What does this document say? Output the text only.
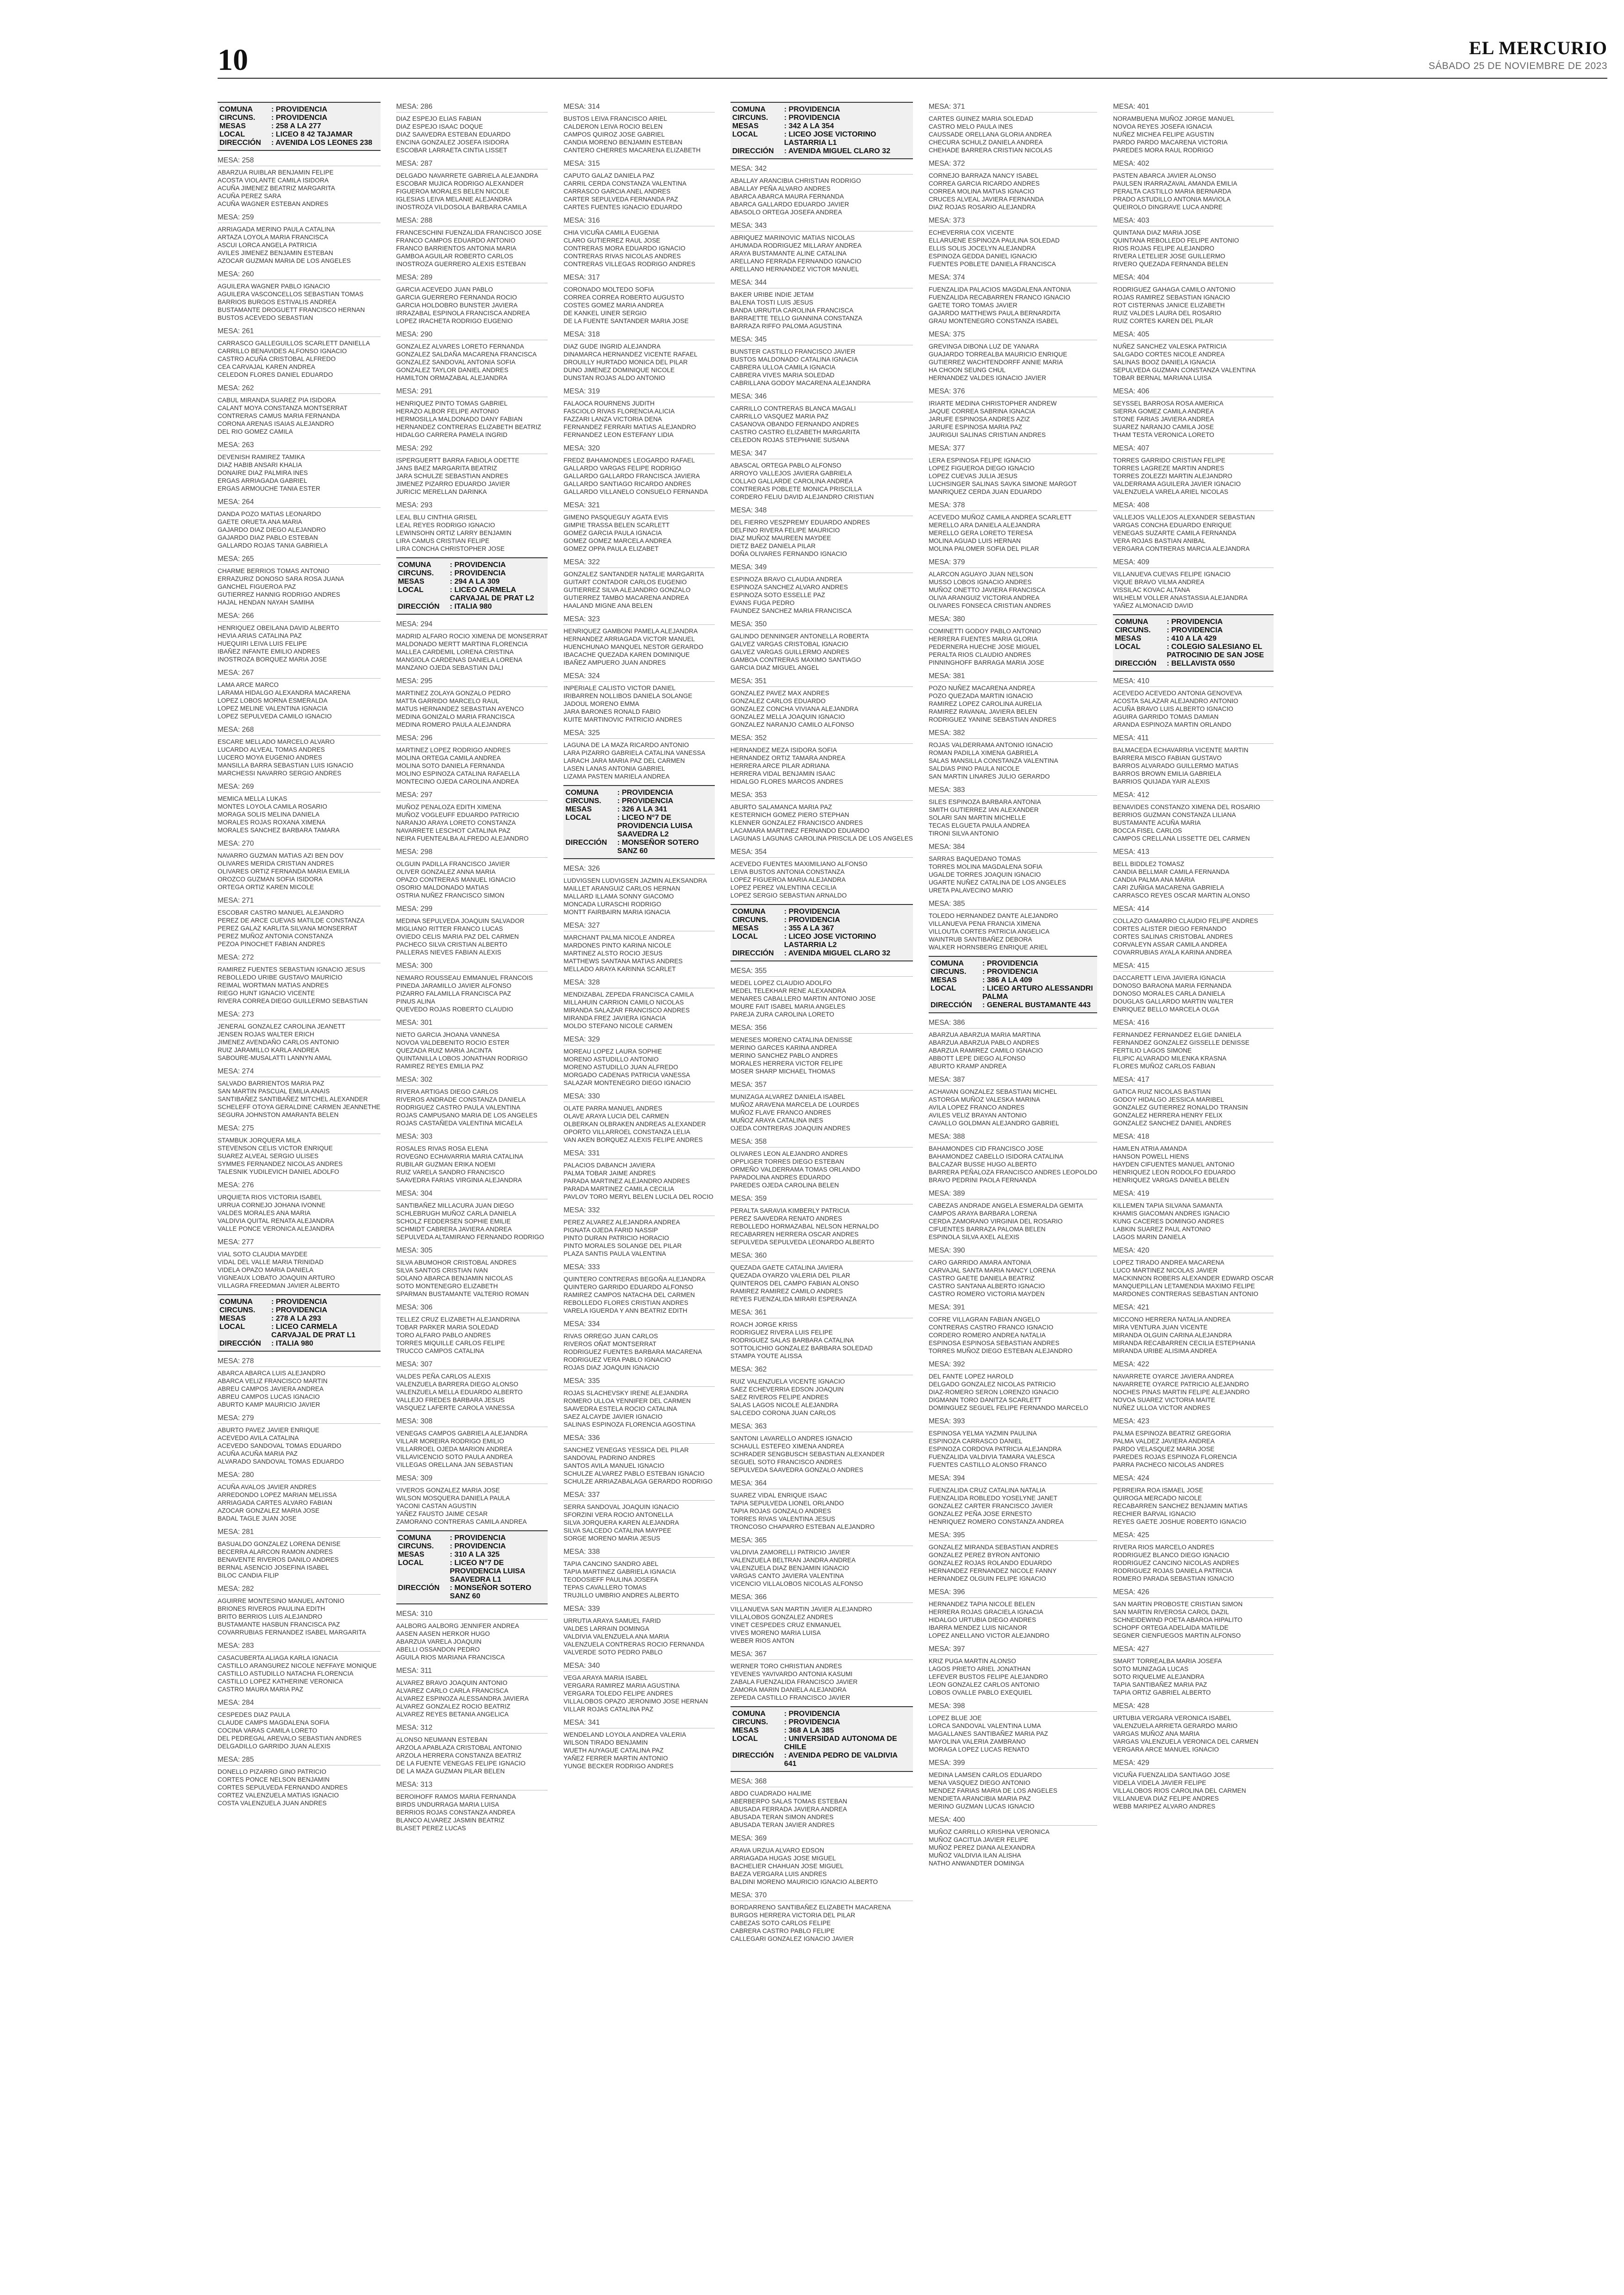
10	EL MERCURIO
SÁBADO 25 DE NOVIEMBRE DE 2023
COMUNA	: PROVIDENCIA
CIRCUNS.	: PROVIDENCIA
MESAS	: 258 A LA 277
LOCAL	: LICEO 8 42 TAJAMAR
DIRECCIÓN	: AVENIDA LOS LEONES 238
MESA: 258
ABARZUA RUIBLAR BENJAMIN FELIPE
ACOSTA VIOLANTE CAMILA ISIDORA
ACUÑA JIMENEZ BEATRIZ MARGARITA
ACUÑA PEREZ SARA
ACUÑA WAGNER ESTEBAN ANDRES
MESA: 259
ARRIAGADA MERINO PAULA CATALINA
ARTAZA LOYOLA MARIA FRANCISCA
ASCUI LORCA ANGELA PATRICIA
AVILES JIMENEZ BENJAMIN ESTEBAN
AZOCAR GUZMAN MARIA DE LOS ANGELES
MESA: 260
AGUILERA WAGNER PABLO IGNACIO
AGUILERA VASCONCELLOS SEBASTIAN TOMAS
BARRIOS BURGOS ESTIVALIS ANDREA
BUSTAMANTE DROGUETT FRANCISCO HERNAN
BUSTOS ACEVEDO SEBASTIAN
MESA: 261
CARRASCO GALLEGUILLOS SCARLETT DANIELLA
CARRILLO BENAVIDES ALFONSO IGNACIO
CASTRO ACUÑA CRISTOBAL ALFREDO
CEA CARVAJAL KAREN ANDREA
CELEDON FLORES DANIEL EDUARDO
MESA: 262
CABUL MIRANDA SUAREZ PIA ISIDORA
CALANT MOYA CONSTANZA MONTSERRAT
CONTRERAS CAMUS MARIA FERNANDA
CORONA ARENAS ISAIAS ALEJANDRO
DEL RIO GOMEZ CAMILA
MESA: 263
DEVENISH RAMIREZ TAMIKA
DIAZ HABIB ANSARI KHALIA
DONAIRE DIAZ PALMIRA INES
ERGAS ARRIAGADA GABRIEL
ERGAS ARMOUCHE TANIA ESTER
MESA: 264
DANDA POZO MATIAS LEONARDO
GAETE ORUETA ANA MARIA
GAJARDO DIAZ DIEGO ALEJANDRO
GAJARDO DIAZ PABLO ESTEBAN
GALLARDO ROJAS TANIA GABRIELA
MESA: 265
CHARME BERRIOS TOMAS ANTONIO
ERRAZURIZ DONOSO SARA ROSA JUANA
GANCHEL FIGUEROA PAZ
GUTIERREZ HANNIG RODRIGO ANDRES
HAJAL HENDAN NAYAH SAMIHA
MESA: 266
HENRIQUEZ OBEILANA DAVID ALBERTO
HEVIA ARIAS CATALINA PAZ
HUEQUIRI LEIVA LUIS FELIPE
IBAÑEZ INFANTE EMILIO ANDRES
INOSTROZA BORQUEZ MARIA JOSE
MESA: 267
LAMA ARCE MARCO
LARAMA HIDALGO ALEXANDRA MACARENA
LOPEZ LOBOS MORNA ESMERALDA
LOPEZ MELINE VALENTINA IGNACIA
LOPEZ SEPULVEDA CAMILO IGNACIO
MESA: 268
ESCARE MELLADO MARCELO ALVARO
LUCARDO ALVEAL TOMAS ANDRES
LUCERO MOYA EUGENIO ANDRES
MANSILLA BARRA SEBASTIAN LUIS IGNACIO
MARCHESSI NAVARRO SERGIO ANDRES
MESA: 269
MEMICA MELLA LUKAS
MONTES LOYOLA CAMILA ROSARIO
MORAGA SOLIS MELINA DANIELA
MORALES ROJAS ROXANA XIMENA
MORALES SANCHEZ BARBARA TAMARA
MESA: 270
NAVARRO GUZMAN MATIAS AZI BEN DOV
OLIVARES MERIDA CRISTIAN ANDRES
OLIVARES ORTIZ FERNANDA MARIA EMILIA
OROZCO GUZMAN SOFIA ISIDORA
ORTEGA ORTIZ KAREN MICOLE
MESA: 271
ESCOBAR CASTRO MANUEL ALEJANDRO
PEREZ DE ARCE CUEVAS MATILDE CONSTANZA
PEREZ GALAZ KARLITA SILVANA MONSERRAT
PEREZ MUÑOZ ANTONIA CONSTANZA
PEZOA PINOCHET FABIAN ANDRES
MESA: 272
RAMIREZ FUENTES SEBASTIAN IGNACIO JESUS
REBOLLEDO URIBE GUSTAVO MAURICIO
REIMAL WORTMAN MATIAS ANDRES
RIEGO HUNT IGNACIO VICENTE
RIVERA CORREA DIEGO GUILLERMO SEBASTIAN
MESA: 273
JENERAL GONZALEZ CAROLINA JEANETT
JENSEN ROJAS WALTER ERICH
JIMENEZ AVENDAÑO CARLOS ANTONIO
RUIZ JARAMILLO KARLA ANDREA
SABOURE-MUSALATTI LANNYN AMAL
MESA: 274
SALVADO BARRIENTOS MARIA PAZ
SAN MARTIN PASCUAL EMILIA ANAIS
SANTIBAÑEZ SANTIBAÑEZ MITCHEL ALEXANDER
SCHELEFF OTOYA GERALDINE CARMEN JEANNETHE
SEGURA JOHNSTON AMARANTA BELEN
MESA: 275
STAMBUK JORQUERA MILA
STEVENSON CELIS VICTOR ENRIQUE
SUAREZ ALVEAL SERGIO ULISES
SYMMES FERNANDEZ NICOLAS ANDRES
TALESNIK YUDILEVICH DANIEL ADOLFO
MESA: 276
URQUIETA RIOS VICTORIA ISABEL
URRUA CORNEJO JOHANA IVONNE
VALDES MORALES ANA MARIA
VALDIVIA QUITAL RENATA ALEJANDRA
VALLE PONCE VERONICA ALEJANDRA
MESA: 277
VIAL SOTO CLAUDIA MAYDEE
VIDAL DEL VALLE MARIA TRINIDAD
VIDELA OPAZO MARIA DANIELA
VIGNEAUX LOBATO JOAQUIN ARTURO
VILLAGRA FREEDMAN JAVIER ALBERTO
COMUNA	: PROVIDENCIA
CIRCUNS.	: PROVIDENCIA
MESAS	: 278 A LA 293
LOCAL	: LICEO CARMELA CARVAJAL DE PRAT L1
DIRECCIÓN	: ITALIA 980
MESA: 278
ABARCA ABARCA LUIS ALEJANDRO
ABARCA VELIZ FRANCISCO MARTIN
ABREU CAMPOS JAVIERA ANDREA
ABREU CAMPOS LUCAS IGNACIO
ABURTO KAMP MAURICIO JAVIER
MESA: 279
ABURTO PAVEZ JAVIER ENRIQUE
ACEVEDO AVILA CATALINA
ACEVEDO SANDOVAL TOMAS EDUARDO
ACUÑA ACUÑA MARIA PAZ
ALVARADO SANDOVAL TOMAS EDUARDO
MESA: 280
ACUÑA AVALOS JAVIER ANDRES
ARREDONDO LOPEZ MARIAN MELISSA
ARRIAGADA CARTES ALVARO FABIAN
AZOCAR GONZALEZ MARIA JOSE
BADAL TAGLE JUAN JOSE
MESA: 281
BASUALDO GONZALEZ LORENA DENISE
BECERRA ALARCON RAMON ANDRES
BENAVENTE RIVEROS DANILO ANDRES
BERNAL ASENCIO JOSEFINA ISABEL
BILOC CANDIA FILIP
MESA: 282
AGUIRRE MONTESINO MANUEL ANTONIO
BRIONES RIVEROS PAULINA EDITH
BRITO BERRIOS LUIS ALEJANDRO
BUSTAMANTE HASBUN FRANCISCA PAZ
COVARRUBIAS FERNANDEZ ISABEL MARGARITA
MESA: 283
CASACUBERTA ALIAGA KARLA IGNACIA
CASTILLO ARANGUREZ NICOLE NEFFAYE MONIQUE
CASTILLO ASTUDILLO NATACHA FLORENCIA
CASTILLO LOPEZ KATHERINE VERONICA
CASTRO MAURA MARIA PAZ
MESA: 284
CESPEDES DIAZ PAULA
CLAUDE CAMPS MAGDALENA SOFIA
COCINA VARAS CAMILA LORETO
DEL PEDREGAL AREVALO SEBASTIAN ANDRES
DELGADILLO GARRIDO JUAN ALEXIS
MESA: 285
DONELLO PIZARRO GINO PATRICIO
CORTES PONCE NELSON BENJAMIN
CORTES SEPULVEDA FERNANDO ANDRES
CORTEZ VALENZUELA MATIAS IGNACIO
COSTA VALENZUELA JUAN ANDRES
MESA: 286
DIAZ ESPEJO ELIAS FABIAN
DIAZ ESPEJO ISAAC DOQUE
DIAZ SAAVEDRA ESTEBAN EDUARDO
ENCINA GONZALEZ JOSEFA ISIDORA
ESCOBAR LARRAETA CINTIA LISSET
MESA: 287
DELGADO NAVARRETE GABRIELA ALEJANDRA
ESCOBAR MUJICA RODRIGO ALEXANDER
FIGUEROA MORALES BELEN NICOLE
IGLESIAS LEIVA MELANIE ALEJANDRA
INOSTROZA VILDOSOLA BARBARA CAMILA
MESA: 288
FRANCESCHINI FUENZALIDA FRANCISCO JOSE
FRANCO CAMPOS EDUARDO ANTONIO
FRANCO BARRIENTOS ANTONIA MARIA
GAMBOA AGUILAR ROBERTO CARLOS
INOSTROZA GUERRERO ALEXIS ESTEBAN
MESA: 289
GARCIA ACEVEDO JUAN PABLO
GARCIA GUERRERO FERNANDA ROCIO
GARCIA HOLDOBRO BUNSTER JAVIERA
IRRAZABAL ESPINOLA FRANCISCA ANDREA
LOPEZ IRACHETA RODRIGO EUGENIO
MESA: 290
GONZALEZ ALVARES LORETO FERNANDA
GONZALEZ SALDAÑA MACARENA FRANCISCA
GONZALEZ SANDOVAL ANTONIA SOFIA
GONZALEZ TAYLOR DANIEL ANDRES
HAMILTON ORMAZABAL ALEJANDRA
MESA: 291
HENRIQUEZ PINTO TOMAS GABRIEL
HERAZO ALBOR FELIPE ANTONIO
HERMOSILLA MALDONADO DANY FABIAN
HERNANDEZ CONTRERAS ELIZABETH BEATRIZ
HIDALGO CARRERA PAMELA INGRID
MESA: 292
ISPERGUERTT BARRA FABIOLA ODETTE
JANS BAEZ MARGARITA BEATRIZ
JARA SCHULZE SEBASTIAN ANDRES
JIMENEZ PIZARRO EDUARDO JAVIER
JURICIC MERELLAN DARINKA
MESA: 293
LEAL BLU CINTHIA GRISEL
LEAL REYES RODRIGO IGNACIO
LEWINSOHN ORTIZ LARRY BENJAMIN
LIRA CAMUS CRISTIAN FELIPE
LIRA CONCHA CHRISTOPHER JOSE
COMUNA	: PROVIDENCIA
CIRCUNS.	: PROVIDENCIA
MESAS	: 294 A LA 309
LOCAL	: LICEO CARMELA CARVAJAL DE PRAT L2
DIRECCIÓN	: ITALIA 980
MESA: 294
MADRID ALFARO ROCIO XIMENA DE MONSERRAT
MALDONADO MERTT MARTINA FLORENCIA
MALLEA CARDEMIL LORENA CRISTINA
MANGIOLA CARDENAS DANIELA LORENA
MANZANO OJEDA SEBASTIAN DALI
MESA: 295
MARTINEZ ZOLAYA GONZALO PEDRO
MATTA GARRIDO MARCELO RAUL
MATUS HERNANDEZ SEBASTIAN AYENCO
MEDINA GONIZALO MARIA FRANCISCA
MEDINA ROMERO PAULA ALEJANDRA
MESA: 296
MARTINEZ LOPEZ RODRIGO ANDRES
MOLINA ORTEGA CAMILA ANDREA
MOLINA SOTO DANIELA FERNANDA
MOLINO ESPINOZA CATALINA RAFAELLA
MONTECINO OJEDA CAROLINA ANDREA
MESA: 297
MUÑOZ PENALOZA EDITH XIMENA
MUÑOZ VOGLEUFF EDUARDO PATRICIO
NARANJO ARAYA LORETO CONSTANZA
NAVARRETE LESCHOT CATALINA PAZ
NEIRA FUENTEALBA ALFREDO ALEJANDRO
MESA: 298
OLGUIN PADILLA FRANCISCO JAVIER
OLIVER GONZALEZ ANNA MARIA
OPAZO CONTRERAS MANUEL IGNACIO
OSORIO MALDONADO MATIAS
OSTRIA NUÑEZ FRANCISCO SIMON
MESA: 299
MEDINA SEPULVEDA JOAQUIN SALVADOR
MIGLIANO RITTER FRANCO LUCAS
OVIEDO CELIS MARIA PAZ DEL CARMEN
PACHECO SILVA CRISTIAN ALBERTO
PALLERAS NIEVES FABIAN ALEXIS
MESA: 300
NEMARO ROUSSEAU EMMANUEL FRANCOIS
PINEDA JARAMILLO JAVIER ALFONSO
PIZARRO FALAMILLA FRANCISCA PAZ
PINUS ALINA
QUEVEDO ROJAS ROBERTO CLAUDIO
MESA: 301
NIETO GARCIA JHOANA VANNESA
NOVOA VALDEBENITO ROCIO ESTER
QUEZADA RUIZ MARIA JACINTA
QUINTANILLA LOBOS JONATHAN RODRIGO
RAMIREZ REYES EMILIA PAZ
MESA: 302
RIVERA ARTIGAS DIEGO CARLOS
RIVEROS ANDRADE CONSTANZA DANIELA
RODRIGUEZ CASTRO PAULA VALENTINA
ROJAS CAMPUSANO MARIA DE LOS ANGELES
ROJAS CASTAÑEDA VALENTINA MICAELA
MESA: 303
ROSALES RIVAS ROSA ELENA
ROVEGNO ECHAVARRIA MARIA CATALINA
RUBILAR GUZMAN ERIKA NOEMI
RUIZ VARELA SANDRO FRANCISCO
SAAVEDRA FARIAS VIRGINIA ALEJANDRA
MESA: 304
SANTIBAÑEZ MILLACURA JUAN DIEGO
SCHLEBRUGH MUÑOZ CARLA DANIELA
SCHOLZ FEDDERSEN SOPHIE EMILIE
SCHMIDT CABRERA JAVIERA ANDREA
SEPULVEDA ALTAMIRANO FERNANDO RODRIGO
MESA: 305
SILVA ABUMOHOR CRISTOBAL ANDRES
SILVA SANTOS CRISTIAN IVAN
SOLANO ABARCA BENJAMIN NICOLAS
SOTO MONTENEGRO ELIZABETH
SPARMAN BUSTAMANTE VALTERIO ROMAN
MESA: 306
TELLEZ CRUZ ELIZABETH ALEJANDRINA
TOBAR PARKER MARIA SOLEDAD
TORO ALFARO PABLO ANDRES
TORRES MIQUILLE CARLOS FELIPE
TRUCCO CAMPOS CATALINA
MESA: 307
VALDES PEÑA CARLOS ALEXIS
VALENZUELA BARRERA DIEGO ALONSO
VALENZUELA MELLA EDUARDO ALBERTO
VALLEJO FREDES BARBARA JESUS
VASQUEZ LAFERTE CAROLA VANESSA
MESA: 308
VENEGAS CAMPOS GABRIELA ALEJANDRA
VILLAR MOREIRA RODRIGO EMILIO
VILLARROEL OJEDA MARION ANDREA
VILLAVICENCIO SOTO PAULA ANDREA
VILLEGAS ORELLANA JAN SEBASTIAN
MESA: 309
VIVEROS GONZALEZ MARIA JOSE
WILSON MOSQUERA DANIELA PAULA
YACONI CASTAN AGUSTIN
YAÑEZ FAUSTO JAIME CESAR
ZAMORANO CONTRERAS CAMILA ANDREA
COMUNA	: PROVIDENCIA
CIRCUNS.	: PROVIDENCIA
MESAS	: 310 A LA 325
LOCAL	: LICEO N°7 DE PROVIDENCIA LUISA SAAVEDRA L1
DIRECCIÓN	: MONSEÑOR SOTERO SANZ 60
MESA: 310
AALBORG AALBORG JENNIFER ANDREA
AASEN AASEN HERKOR HUGO
ABARZUA VARELA JOAQUIN
ABELLI OSSANDON PEDRO
AGUILA RIOS MARIANA FRANCISCA
MESA: 311
ALVAREZ BRAVO JOAQUIN ANTONIO
ALVAREZ CARLO CARLA FRANCISCA
ALVAREZ ESPINOZA ALESSANDRA JAVIERA
ALVAREZ GONZALEZ ROCIO BEATRIZ
ALVAREZ REYES BETANIA ANGELICA
MESA: 312
ALONSO NEUMANN ESTEBAN
ARZOLA APABLAZA CRISTOBAL ANTONIO
ARZOLA HERRERA CONSTANZA BEATRIZ
DE LA FUENTE VENEGAS FELIPE IGNACIO
DE LA MAZA GUZMAN PILAR BELEN
MESA: 313
BEROIHOFF RAMOS MARIA FERNANDA
BIRDS UNDURRAGA MARIA LUISA
BERRIOS ROJAS CONSTANZA ANDREA
BLANCO ALVAREZ JASMIN BEATRIZ
BLASET PEREZ LUCAS
MESA: 314
BUSTOS LEIVA FRANCISCO ARIEL
CALDERON LEIVA ROCIO BELEN
CAMPOS QUIROZ JOSE GABRIEL
CANDIA MORENO BENJAMIN ESTEBAN
CANTERO CHERRES MACARENA ELIZABETH
MESA: 315
CAPUTO GALAZ DANIELA PAZ
CARRIL CERDA CONSTANZA VALENTINA
CARRASCO GARCIA ANEL ANDRES
CARTER SEPULVEDA FERNANDA PAZ
CARTES FUENTES IGNACIO EDUARDO
MESA: 316
CHIA VICUÑA CAMILA EUGENIA
CLARO GUTIERREZ RAUL JOSE
CONTRERAS MORA EDUARDO IGNACIO
CONTRERAS RIVAS NICOLAS ANDRES
CONTRERAS VILLEGAS RODRIGO ANDRES
MESA: 317
CORONADO MOLTEDO SOFIA
CORREA CORREA ROBERTO AUGUSTO
COSTES GOMEZ MARIA ANDREA
DE KANKEL UINER SERGIO
DE LA FUENTE SANTANDER MARIA JOSE
MESA: 318
DIAZ GUDE INGRID ALEJANDRA
DINAMARCA HERNANDEZ VICENTE RAFAEL
DROUILLY HURTADO MONICA DEL PILAR
DUNO JIMENEZ DOMINIQUE NICOLE
DUNSTAN ROJAS ALDO ANTONIO
MESA: 319
FALAOCA ROURNENS JUDITH
FASCIOLO RIVAS FLORENCIA ALICIA
FAZZARI LANZA VICTORIA DENA
FERNANDEZ FERRARI MATIAS ALEJANDRO
FERNANDEZ LEON ESTEFANY LIDIA
MESA: 320
FREDZ BAHAMONDES LEOGARDO RAFAEL
GALLARDO VARGAS FELIPE RODRIGO
GALLARDO GALLARDO FRANCISCA JAVIERA
GALLARDO SANTIAGO RICARDO ANDRES
GALLARDO VILLANELO CONSUELO FERNANDA
MESA: 321
GIMENO PASQUEGUY AGATA EVIS
GIMPIE TRASSA BELEN SCARLETT
GOMEZ GARCIA PAULA IGNACIA
GOMEZ GOMEZ MARCELA ANDREA
GOMEZ OPPA PAULA ELIZABET
MESA: 322
GONZALEZ SANTANDER NATALIE MARGARITA
GUITART CONTADOR CARLOS EUGENIO
GUTIERREZ SILVA ALEJANDRO GONZALO
GUTIERREZ TAMBO MACARENA ANDREA
HAALAND MIGNE ANA BELEN
MESA: 323
HENRIQUEZ GAMBONI PAMELA ALEJANDRA
HERNANDEZ ARRIAGADA VICTOR MANUEL
HUENCHUNAO MANQUEL NESTOR GERARDO
IBACACHE QUEZADA KAREN DOMINIQUE
IBAÑEZ AMPUERO JUAN ANDRES
MESA: 324
INPERIALE CALISTO VICTOR DANIEL
IRIBARREN NOLLIBOS DANIELA SOLANGE
JADOUL MORENO EMMA
JARA BARONES RONALD FABIO
KUITE MARTINOVIC PATRICIO ANDRES
MESA: 325
LAGUNA DE LA MAZA RICARDO ANTONIO
LARA PIZARRO GABRIELA CATALINA VANESSA
LARACH JARA MARIA PAZ DEL CARMEN
LASEN LANAS ANTONIA GABRIEL
LIZAMA PASTEN MARIELA ANDREA
COMUNA	: PROVIDENCIA
CIRCUNS.	: PROVIDENCIA
MESAS	: 326 A LA 341
LOCAL	: LICEO N°7 DE PROVIDENCIA LUISA SAAVEDRA L2
DIRECCIÓN	: MONSEÑOR SOTERO SANZ 60
MESA: 326
LUDVIGSEN LUDVIGSEN JAZMIN ALEKSANDRA
MAILLET ARANGUIZ CARLOS HERNAN
MALLARD ILLAMA SONNY GIACOMO
MONCADA LURASCHI RODRIGO
MONTT FAIRBAIRN MARIA IGNACIA
MESA: 327
MARCHANT PALMA NICOLE ANDREA
MARDONES PINTO KARINA NICOLE
MARTINEZ ALSTO ROCIO JESUS
MATTHEWS SANTANA MATIAS ANDRES
MELLADO ARAYA KARINNA SCARLET
MESA: 328
MENDIZABAL ZEPEDA FRANCISCA CAMILA
MILLAHUIN CARRION CAMILO NICOLAS
MIRANDA SALAZAR FRANCISCO ANDRES
MIRANDA FREZ JAVIERA IGNACIA
MOLDO STEFANO NICOLE CARMEN
MESA: 329
MOREAU LOPEZ LAURA SOPHIE
MORENO ASTUDILLO ANTONIO
MORENO ASTUDILLO JUAN ALFREDO
MORGADO CADENAS PATRICIA VANESSA
SALAZAR MONTENEGRO DIEGO IGNACIO
MESA: 330
OLATE PARRA MANUEL ANDRES
OLAVE ARAYA LUCIA DEL CARMEN
OLBERKAN OLBRAKEN ANDREAS ALEXANDER
OPORTO VILLARROEL CONSTANZA LELIA
VAN AKEN BORQUEZ ALEXIS FELIPE ANDRES
MESA: 331
PALACIOS DABANCH JAVIERA
PALMA TOBAR JAIME ANDRES
PARADA MARTINEZ ALEJANDRO ANDRES
PARADA MARTINEZ CAMILA CECILIA
PAVLOV TORO MERYL BELEN LUCILA DEL ROCIO
MESA: 332
PEREZ ALVAREZ ALEJANDRA ANDREA
PIGNATA OJEDA FARID NASSIP
PINTO DURAN PATRICIO HORACIO
PINTO MORALES SOLANGE DEL PILAR
PLAZA SANTIS PAULA VALENTINA
MESA: 333
QUINTERO CONTRERAS BEGOÑA ALEJANDRA
QUINTERO GARRIDO EDUARDO ALFONSO
RAMIREZ CAMPOS NATACHA DEL CARMEN
REBOLLEDO FLORES CRISTIAN ANDRES
VARELA IGUERDA Y ANN BEATRIZ EDITH
MESA: 334
RIVAS ORREGO JUAN CARLOS
RIVEROS OÑAT MONTSERRAT
RODRIGUEZ FUENTES BARBARA MACARENA
RODRIGUEZ VERA PABLO IGNACIO
ROJAS DIAZ JOAQUIN IGNACIO
MESA: 335
ROJAS SLACHEVSKY IRENE ALEJANDRA
ROMERO ULLOA YENNIFER DEL CARMEN
SAAVEDRA ESTELA ROCIO CATALINA
SAEZ ALCAYDE JAVIER IGNACIO
SALINAS ESPINOZA FLORENCIA AGOSTINA
MESA: 336
SANCHEZ VENEGAS YESSICA DEL PILAR
SANDOVAL PADRINO ANDRES
SANTOS AVILA MANUEL IGNACIO
SCHULZE ALVAREZ PABLO ESTEBAN IGNACIO
SCHULZE ARRIAZABALAGA GERARDO RODRIGO
MESA: 337
SERRA SANDOVAL JOAQUIN IGNACIO
SFORZINI VERA ROCIO ANTONELLA
SILVA JORQUERA KAREN ALEJANDRA
SILVA SALCEDO CATALINA MAYPEE
SORGE MORENO MARIA JESUS
MESA: 338
TAPIA CANCINO SANDRO ABEL
TAPIA MARTINEZ GABRIELA IGNACIA
TEODOSIEFF PAULINA JOSEFA
TEPAS CAVALLERO TOMAS
TRUJILLO UMBRIO ANDRES ALBERTO
MESA: 339
URRUTIA ARAYA SAMUEL FARID
VALDES LARRAIN DOMINGA
VALDIVIA VALENZUELA ANA MARIA
VALENZUELA CONTRERAS ROCIO FERNANDA
VALVERDE SOTO PEDRO PABLO
MESA: 340
VEGA ARAYA MARIA ISABEL
VERGARA RAMIREZ MARIA AGUSTINA
VERGARA TOLEDO FELIPE ANDRES
VILLALOBOS OPAZO JERONIMO JOSE HERNAN
VILLAR ROJAS CATALINA PAZ
MESA: 341
WENDELAND LOYOLA ANDREA VALERIA
WILSON TIRADO BENJAMIN
WUETH AUYAGUE CATALINA PAZ
YAÑEZ FERRER MARTIN ANTONIO
YUNGE BECKER RODRIGO ANDRES
COMUNA	: PROVIDENCIA
CIRCUNS.	: PROVIDENCIA
MESAS	: 342 A LA 354
LOCAL	: LICEO JOSE VICTORINO LASTARRIA L1
DIRECCIÓN	: AVENIDA MIGUEL CLARO 32
MESA: 342
ABALLAY ARANCIBIA CHRISTIAN RODRIGO
ABALLAY PEÑA ALVARO ANDRES
ABARCA ABARCA MAURA FERNANDA
ABARCA GALLARDO EDUARDO JAVIER
ABASOLO ORTEGA JOSEFA ANDREA
MESA: 343
ABRIQUEZ MARINOVIC MATIAS NICOLAS
AHUMADA RODRIGUEZ MILLARAY ANDREA
ARAYA BUSTAMANTE ALINE CATALINA
ARELLANO FERRADA FERNANDO IGNACIO
ARELLANO HERNANDEZ VICTOR MANUEL
MESA: 344
BAKER URIBE INDIE JETAM
BALENA TOSTI LUIS JESUS
BANDA URRUTIA CAROLINA FRANCISCA
BARRAETTE TELLO GIANNINA CONSTANZA
BARRAZA RIFFO PALOMA AGUSTINA
MESA: 345
BUNSTER CASTILLO FRANCISCO JAVIER
BUSTOS MALDONADO CATALINA IGNACIA
CABRERA ULLOA CAMILA IGNACIA
CABRERA VIVES MARIA SOLEDAD
CABRILLANA GODOY MACARENA ALEJANDRA
MESA: 346
CARRILLO CONTRERAS BLANCA MAGALI
CARRILLO VASQUEZ MARIA PAZ
CASANOVA OBANDO FERNANDO ANDRES
CASTRO CASTRO ELIZABETH MARGARITA
CELEDON ROJAS STEPHANIE SUSANA
MESA: 347
ABASCAL ORTEGA PABLO ALFONSO
ARROYO VALLEJOS JAVIERA GABRIELA
COLLAO GALLARDE CAROLINA ANDREA
CONTRERAS POBLETE MONICA PRISCILLA
CORDERO FELIU DAVID ALEJANDRO CRISTIAN
MESA: 348
DEL FIERRO VESZPREMY EDUARDO ANDRES
DELFINO RIVERA FELIPE MAURICIO
DIAZ MUÑOZ MAUREEN MAYDEE
DIETZ BAEZ DANIELA PILAR
DOÑA OLIVARES FERNANDO IGNACIO
MESA: 349
ESPINOZA BRAVO CLAUDIA ANDREA
ESPINOZA SANCHEZ ALVARO ANDRES
ESPINOZA SOTO ESSELLE PAZ
EVANS FUGA PEDRO
FAUNDEZ SANCHEZ MARIA FRANCISCA
MESA: 350
GALINDO DENNINGER ANTONELLA ROBERTA
GALVEZ VARGAS CRISTOBAL IGNACIO
GALVEZ VARGAS GUILLERMO ANDRES
GAMBOA CONTRERAS MAXIMO SANTIAGO
GARCIA DIAZ MIGUEL ANGEL
MESA: 351
GONZALEZ PAVEZ MAX ANDRES
GONZALEZ CARLOS EDUARDO
GONZALEZ CONCHA VIVIANA ALEJANDRA
GONZALEZ MELLA JOAQUIN IGNACIO
GONZALEZ NARANJO CAMILO ALFONSO
MESA: 352
HERNANDEZ MEZA ISIDORA SOFIA
HERNANDEZ ORTIZ TAMARA ANDREA
HERRERA ARCE PILAR ADRIANA
HERRERA VIDAL BENJAMIN ISAAC
HIDALGO FLORES MARCOS ANDRES
MESA: 353
ABURTO SALAMANCA MARIA PAZ
KESTERNICH GOMEZ PIERO STEPHAN
KLENNER GONZALEZ FRANCISCO ANDRES
LACAMARA MARTINEZ FERNANDO EDUARDO
LAGUNAS LAGUNAS CAROLINA PRISCILA DE LOS ANGELES
MESA: 354
ACEVEDO FUENTES MAXIMILIANO ALFONSO
LEIVA BUSTOS ANTONIA CONSTANZA
LOPEZ FIGUEROA MARIA ALEJANDRA
LOPEZ PEREZ VALENTINA CECILIA
LOPEZ SERGIO SEBASTIAN ARNALDO
COMUNA	: PROVIDENCIA
CIRCUNS.	: PROVIDENCIA
MESAS	: 355 A LA 367
LOCAL	: LICEO JOSE VICTORINO LASTARRIA L2
DIRECCIÓN	: AVENIDA MIGUEL CLARO 32
MESA: 355
MEDEL LOPEZ CLAUDIO ADOLFO
MEDEL TELEKHAR RENE ALEXANDRA
MENARES CABALLERO MARTIN ANTONIO JOSE
MOURE FAIT ISABEL MARIA ANGELES
PAREJA ZURA CAROLINA LORETO
MESA: 356
MENESES MORENO CATALINA DENISSE
MERINO GARCES KARINA ANDREA
MERINO SANCHEZ PABLO ANDRES
MORALES HERRERA VICTOR FELIPE
MOSER SHARP MICHAEL THOMAS
MESA: 357
MUNIZAGA ALVAREZ DANIELA ISABEL
MUÑOZ ARAVENA MARCELA DE LOURDES
MUÑOZ FLAVE FRANCO ANDRES
MUÑOZ ARAYA CATALINA INES
OJEDA CONTRERAS JOAQUIN ANDRES
MESA: 358
OLIVARES LEON ALEJANDRO ANDRES
OPPLIGER TORRES DIEGO ESTEBAN
ORMEÑO VALDERRAMA TOMAS ORLANDO
PAPADOLINA ANDRES EDUARDO
PAREDES OJEDA CAROLINA BELEN
MESA: 359
PERALTA SARAVIA KIMBERLY PATRICIA
PEREZ SAAVEDRA RENATO ANDRES
REBOLLEDO HORMAZABAL NELSON HERNALDO
RECABARREN HERRERA OSCAR ANDRES
SEPULVEDA SEPULVEDA LEONARDO ALBERTO
MESA: 360
QUEZADA GAETE CATALINA JAVIERA
QUEZADA OYARZO VALERIA DEL PILAR
QUINTEROS DEL CAMPO FABIAN ALONSO
RAMIREZ RAMIREZ CAMILO ANDRES
REYES FUENZALIDA MIRARI ESPERANZA
MESA: 361
ROACH JORGE KRISS
RODRIGUEZ RIVERA LUIS FELIPE
RODRIGUEZ SALAS BARBARA CATALINA
SOTTOLICHIO GONZALEZ BARBARA SOLEDAD
STAMPA YOUTE ALISSA
MESA: 362
RUIZ VALENZUELA VICENTE IGNACIO
SAEZ ECHEVERRIA EDSON JOAQUIN
SAEZ RIVEROS FELIPE ANDRES
SALAS LAGOS NICOLE ALEJANDRA
SALCEDO CORONA JUAN CARLOS
MESA: 363
SANTONI LAVARELLO ANDRES IGNACIO
SCHAULL ESTEFEO XIMENA ANDREA
SCHRADER SENGBUSCH SEBASTIAN ALEXANDER
SEGUEL SOTO FRANCISCO ANDRES
SEPULVEDA SAAVEDRA GONZALO ANDRES
MESA: 364
SUAREZ VIDAL ENRIQUE ISAAC
TAPIA SEPULVEDA LIONEL ORLANDO
TAPIA ROJAS GONZALO ANDRES
TORRES RIVAS VALENTINA JESUS
TRONCOSO CHAPARRO ESTEBAN ALEJANDRO
MESA: 365
VALDIVIA ZAMORELLI PATRICIO JAVIER
VALENZUELA BELTRAN JANDRA ANDREA
VALENZUELA DIAZ BENJAMIN IGNACIO
VARGAS CANTO JAVIERA VALENTINA
VICENCIO VILLALOBOS NICOLAS ALFONSO
MESA: 366
VILLANUEVA SAN MARTIN JAVIER ALEJANDRO
VILLALOBOS GONZALEZ ANDRES
VINET CESPEDES CRUZ ENMANUEL
VIVES MORENO MARIA LUISA
WEBER RIOS ANTON
MESA: 367
WERNER TORO CHRISTIAN ANDRES
YEVENES YAVIVARDO ANTONIA KASUMI
ZABALA FUENZALIDA FRANCISCO JAVIER
ZAMORA MARIN DANIELA ALEJANDRA
ZEPEDA CASTILLO FRANCISCO JAVIER
COMUNA	: PROVIDENCIA
CIRCUNS.	: PROVIDENCIA
MESAS	: 368 A LA 385
LOCAL	: UNIVERSIDAD AUTONOMA DE CHILE
DIRECCIÓN	: AVENIDA PEDRO DE VALDIVIA 641
MESA: 368
ABDO CUADRADO HALIME
ABERBERPO SALAS TOMAS ESTEBAN
ABUSADA FERRADA JAVIERA ANDREA
ABUSADA TERAN SIMON ANDRES
ABUSADA TERAN JAVIER ANDRES
MESA: 369
ARAVA URZUA ALVARO EDSON
ARRIAGADA HUGAS JOSE MIGUEL
BACHELIER CHAHUAN JOSE MIGUEL
BAEZA VERGARA LUIS ANDRES
BALDINI MORENO MAURICIO IGNACIO ALBERTO
MESA: 370
BORDARRENO SANTIBAÑEZ ELIZABETH MACARENA
BURGOS HERRERA VICTORIA DEL PILAR
CABEZAS SOTO CARLOS FELIPE
CABRERA CASTRO PABLO FELIPE
CALLEGARI GONZALEZ IGNACIO JAVIER
MESA: 371
CARTES GUINEZ MARIA SOLEDAD
CASTRO MELO PAULA INES
CAUSSADE ORELLANA GLORIA ANDREA
CHECURA SCHULZ DANIELA ANDREA
CHEHADE BARRERA CRISTIAN NICOLAS
MESA: 372
CORNEJO BARRAZA NANCY ISABEL
CORREA GARCIA RICARDO ANDRES
CORREA MOLINA MATIAS IGNACIO
CRUCES ALVEAL JAVIERA FERNANDA
DIAZ ROJAS ROSARIO ALEJANDRA
MESA: 373
ECHEVERRIA COX VICENTE
ELLARUENE ESPINOZA PAULINA SOLEDAD
ELLIS SOLIS JOCELYN ALEJANDRA
ESPINOZA GEDDA DANIEL IGNACIO
FUENTES POBLETE DANIELA FRANCISCA
MESA: 374
FUENZALIDA PALACIOS MAGDALENA ANTONIA
FUENZALIDA RECABARREN FRANCO IGNACIO
GAETE TORO TOMAS JAVIER
GAJARDO MATTHEWS PAULA BERNARDITA
GRAU MONTENEGRO CONSTANZA ISABEL
MESA: 375
GREVINGA DIBONA LUZ DE YANARA
GUAJARDO TORREALBA MAURICIO ENRIQUE
GUTIERREZ WACHTENDORFF ANNIE MARIA
HA CHOON SEUNG CHUL
HERNANDEZ VALDES IGNACIO JAVIER
MESA: 376
IRIARTE MEDINA CHRISTOPHER ANDREW
JAQUE CORREA SABRINA IGNACIA
JARUFE ESPINOSA ANDRES AZIZ
JARUFE ESPINOSA MARIA PAZ
JAURIGUI SALINAS CRISTIAN ANDRES
MESA: 377
LERA ESPINOSA FELIPE IGNACIO
LOPEZ FIGUEROA DIEGO IGNACIO
LOPEZ CUEVAS JULIA JESUS
LUCHSINGER SALINAS SAVKA SIMONE MARGOT
MANRIQUEZ CERDA JUAN EDUARDO
MESA: 378
ACEVEDO MUÑOZ CAMILA ANDREA SCARLETT
MERELLO ARA DANIELA ALEJANDRA
MERELLO GERA LORETO TERESA
MOLINA AGUAD LUIS HERNAN
MOLINA PALOMER SOFIA DEL PILAR
MESA: 379
ALARCON AGUAYO JUAN NELSON
MUSSO LOBOS IGNACIO ANDRES
MUÑOZ ONETTO JAVIERA FRANCISCA
OLIVA ARANGUIZ VICTORIA ANDREA
OLIVARES FONSECA CRISTIAN ANDRES
MESA: 380
COMINETTI GODOY PABLO ANTONIO
HERRERA FUENTES MARIA GLORIA
PEDERNERA HUECHE JOSE MIGUEL
PERALTA RIOS CLAUDIO ANDRES
PINNINGHOFF BARRAGA MARIA JOSE
MESA: 381
POZO NUÑEZ MACARENA ANDREA
POZO QUEZADA MARTIN IGNACIO
RAMIREZ LOPEZ CAROLINA AURELIA
RAMIREZ RAVANAL JAVIERA BELEN
RODRIGUEZ YANINE SEBASTIAN ANDRES
MESA: 382
ROJAS VALDERRAMA ANTONIO IGNACIO
ROMAN PADILLA XIMENA GABRIELA
SALAS MANSILLA CONSTANZA VALENTINA
SALDIAS PINO PAULA NICOLE
SAN MARTIN LINARES JULIO GERARDO
MESA: 383
SILES ESPINOZA BARBARA ANTONIA
SMITH GUTIERREZ IAN ALEXANDER
SOLARI SAN MARTIN MICHELLE
TECAS ELGUETA PAULA ANDREA
TIRONI SILVA ANTONIO
MESA: 384
SARRAS BAQUEDANO TOMAS
TORRES MOLINA MAGDALENA SOFIA
UGALDE TORRES JOAQUIN IGNACIO
UGARTE NUÑEZ CATALINA DE LOS ANGELES
URETA PALAVECINO MARIO
MESA: 385
TOLEDO HERNANDEZ DANTE ALEJANDRO
VILLANUEVA PENA FRANCIA XIMENA
VILLOUTA CORTES PATRICIA ANGELICA
WAINTRUB SANTIBAÑEZ DEBORA
WALKER HORNSBERG ENRIQUE ARIEL
COMUNA	: PROVIDENCIA
CIRCUNS.	: PROVIDENCIA
MESAS	: 386 A LA 409
LOCAL	: LICEO ARTURO ALESSANDRI PALMA
DIRECCIÓN	: GENERAL BUSTAMANTE 443
MESA: 386
ABARZUA ABARZUA MARIA MARTINA
ABARZUA ABARZUA PABLO ANDRES
ABARZUA RAMIREZ CAMILO IGNACIO
ABBOTT LEPE DIEGO ALFONSO
ABURTO KRAMP ANDREA
MESA: 387
ACHAVAN GONZALEZ SEBASTIAN MICHEL
ASTORGA MUÑOZ VALESKA MARINA
AVILA LOPEZ FRANCO ANDRES
AVILES VELIZ BRAYAN ANTONIO
CAVALLO GOLDMAN ALEJANDRO GABRIEL
MESA: 388
BAHAMONDES CID FRANCISCO JOSE
BAHAMONDEZ CABELLO ISIDORA CATALINA
BALCAZAR BUSSE HUGO ALBERTO
BARRERA PEÑALOZA FRANCISCO ANDRES LEOPOLDO
BRAVO PEDRINI PAOLA FERNANDA
MESA: 389
CABEZAS ANDRADE ANGELA ESMERALDA GEMITA
CAMPOS ARAYA BARBARA LORENA
CERDA ZAMORANO VIRGINIA DEL ROSARIO
CIFUENTES BARRAZA PALOMA BELEN
ESPINOLA SILVA AXEL ALEXIS
MESA: 390
CARO GARRIDO AMARA ANTONIA
CARVAJAL SANTA MARIA NANCY LORENA
CASTRO GAETE DANIELA BEATRIZ
CASTRO SANTANA ALBERTO IGNACIO
CASTRO ROMERO VICTORIA MAYDEN
MESA: 391
COFRE VILLAGRAN FABIAN ANGELO
CONTRERAS CASTRO FRANCO IGNACIO
CORDERO ROMERO ANDREA NATALIA
ESPINOSA ESPINOSA SEBASTIAN ANDRES
TORRES MUÑOZ DIEGO ESTEBAN ALEJANDRO
MESA: 392
DEL FANTE LOPEZ HAROLD
DELGADO GONZALEZ NICOLAS PATRICIO
DIAZ-ROMERO SERON LORENZO IGNACIO
DIGMANN TORO DANITZA SCARLETT
DOMINGUEZ SEGUEL FELIPE FERNANDO MARCELO
MESA: 393
ESPINOSA YELMA YAZMIN PAULINA
ESPINOZA CARRASCO DANIEL
ESPINOZA CORDOVA PATRICIA ALEJANDRA
FUENZALIDA VALDIVIA TAMARA VALESCA
FUENTES CASTILLO ALONSO FRANCO
MESA: 394
FUENZALIDA CRUZ CATALINA NATALIA
FUENZALIDA ROBLEDO YOSELYNE JANET
GONZALEZ CARTER FRANCISCO JAVIER
GONZALEZ PEÑA JOSE ERNESTO
HENRIQUEZ ROMERO CONSTANZA ANDREA
MESA: 395
GONZALEZ MIRANDA SEBASTIAN ANDRES
GONZALEZ PEREZ BYRON ANTONIO
GONZALEZ ROJAS ROLANDO EDUARDO
HERNANDEZ FERNANDEZ NICOLE FANNY
HERNANDEZ OLGUIN FELIPE IGNACIO
MESA: 396
HERNANDEZ TAPIA NICOLE BELEN
HERRERA ROJAS GRACIELA IGNACIA
HIDALGO URTUBIA DIEGO ANDRES
IBARRA MENDEZ LUIS NICANOR
LOPEZ ANELLANO VICTOR ALEJANDRO
MESA: 397
KRIZ PUGA MARTIN ALONSO
LAGOS PRIETO ARIEL JONATHAN
LEFEVER BUSTOS FELIPE ALEJANDRO
LEON GONZALEZ CARLOS ANTONIO
LOBOS OVALLE PABLO EXEQUIEL
MESA: 398
LOPEZ BLUE JOE
LORCA SANDOVAL VALENTINA LUMA
MAGALLANES SANTIBAÑEZ MARIA PAZ
MAYOLINA VALERIA ZAMBRANO
MORAGA LOPEZ LUCAS RENATO
MESA: 399
MEDINA LAMSEN CARLOS EDUARDO
MENA VASQUEZ DIEGO ANTONIO
MENDEZ FARIAS MARIA DE LOS ANGELES
MENDIETA ARANCIBIA MARIA PAZ
MERINO GUZMAN LUCAS IGNACIO
MESA: 400
MUÑOZ CARRILLO KRISHNA VERONICA
MUÑOZ GACITUA JAVIER FELIPE
MUÑOZ PEREZ DIANA ALEXANDRA
MUÑOZ VALDIVIA ILAN ALISHA
NATHO ANWANDTER DOMINGA
MESA: 401
NORAMBUENA MUÑOZ JORGE MANUEL
NOVOA REYES JOSEFA IGNACIA
NUÑEZ MICHEA FELIPE AGUSTIN
PARDO PARDO MACARENA VICTORIA
PAREDES MORA RAUL RODRIGO
MESA: 402
PASTEN ABARCA JAVIER ALONSO
PAULSEN IRARRAZAVAL AMANDA EMILIA
PERALTA CASTILLO MARIA BERNARDA
PRADO ASTUDILLO ANTONIA MAVIOLA
QUEIROLO DINGRAVE LUCA ANDRE
MESA: 403
QUINTANA DIAZ MARIA JOSE
QUINTANA REBOLLEDO FELIPE ANTONIO
RIOS ROJAS FELIPE ALEJANDRO
RIVERA LETELIER JOSE GUILLERMO
RIVERO QUEZADA FERNANDA BELEN
MESA: 404
RODRIGUEZ GAHAGA CAMILO ANTONIO
ROJAS RAMIREZ SEBASTIAN IGNACIO
ROT CISTERNAS JANICE ELIZABETH
RUIZ VALDES LAURA DEL ROSARIO
RUIZ CORTES KAREN DEL PILAR
MESA: 405
NUÑEZ SANCHEZ VALESKA PATRICIA
SALGADO CORTES NICOLE ANDREA
SALINAS BOOZ DANIELA IGNACIA
SEPULVEDA GUZMAN CONSTANZA VALENTINA
TOBAR BERNAL MARIANA LUISA
MESA: 406
SEYSSEL BARROSA ROSA AMERICA
SIERRA GOMEZ CAMILA ANDREA
STONE FARIAS JAVIERA ANDREA
SUAREZ NARANJO CAMILA JOSE
THAM TESTA VERONICA LORETO
MESA: 407
TORRES GARRIDO CRISTIAN FELIPE
TORRES LAGREZE MARTIN ANDRES
TORRES ZOLEZZI MARTIN ALEJANDRO
VALDERRAMA AGUILERA JAVIER IGNACIO
VALENZUELA VARELA ARIEL NICOLAS
MESA: 408
VALLEJOS VALLEJOS ALEXANDER SEBASTIAN
VARGAS CONCHA EDUARDO ENRIQUE
VENEGAS SUZARTE CAMILA FERNANDA
VERA ROJAS BASTIAN ANIBAL
VERGARA CONTRERAS MARCIA ALEJANDRA
MESA: 409
VILLANUEVA CUEVAS FELIPE IGNACIO
VIQUE BRAVO VILMA ANDREA
VISSILAC KOVAC ALTANA
WILHELM VOLLER ANASTASSIA ALEJANDRA
YAÑEZ ALMONACID DAVID
COMUNA	: PROVIDENCIA
CIRCUNS.	: PROVIDENCIA
MESAS	: 410 A LA 429
LOCAL	: COLEGIO SALESIANO EL PATROCINIO DE SAN JOSE
DIRECCIÓN	: BELLAVISTA 0550
MESA: 410
ACEVEDO ACEVEDO ANTONIA GENOVEVA
ACOSTA SALAZAR ALEJANDRO ANTONIO
ACUÑA BRAVO LUIS ALBERTO IGNACIO
AGUIRA GARRIDO TOMAS DAMIAN
ARANDA ESPINOZA MARTIN ORLANDO
MESA: 411
BALMACEDA ECHAVARRIA VICENTE MARTIN
BARRERA MISCO FABIAN GUSTAVO
BARROS ALVARADO GUILLERMO MATIAS
BARROS BROWN EMILIA GABRIELA
BARRIOS QUIJADA YAIR ALEXIS
MESA: 412
BENAVIDES CONSTANZO XIMENA DEL ROSARIO
BERRIOS GUZMAN CONSTANZA LILIANA
BUSTAMANTE ACUÑA MARIA
BOCCA FISEL CARLOS
CAMPOS CRELLANA LISSETTE DEL CARMEN
MESA: 413
BELL BIDDLE2 TOMASZ
CANDIA BELLMAR CAMILA FERNANDA
CANDIA PALMA ANA MARIA
CARI ZUÑIGA MACARENA GABRIELA
CARRASCO REYES OSCAR MARTIN ALONSO
MESA: 414
COLLAZO GAMARRO CLAUDIO FELIPE ANDRES
CORTES ALISTER DIEGO FERNANDO
CORTES SALINAS CRISTOBAL ANDRES
CORVALEYN ASSAR CAMILA ANDREA
COVARRUBIAS AYALA KARINA ANDREA
MESA: 415
DACCARETT LEIVA JAVIERA IGNACIA
DONOSO BARAONA MARIA FERNANDA
DONOSO MORALES CARLA DANIELA
DOUGLAS GALLARDO MARTIN WALTER
ENRIQUEZ BELLO MARCELA OLGA
MESA: 416
FERNANDEZ FERNANDEZ ELGIE DANIELA
FERNANDEZ GONZALEZ GISSELLE DENISSE
FERTILIO LAGOS SIMONE
FILIPIC ALVARADO MILENKA KRASNA
FLORES MUÑOZ CARLOS FABIAN
MESA: 417
GATICA RUIZ NICOLAS BASTIAN
GODOY HIDALGO JESSICA MARIBEL
GONZALEZ GUTIERREZ RONALDO TRANSIN
GONZALEZ HERRERA HENRY FELIX
GONZALEZ SANCHEZ DANIEL ANDRES
MESA: 418
HAMLEN ATRIA AMANDA
HANSON POWELL HIENS
HAYDEN CIFUENTES MANUEL ANTONIO
HENRIQUEZ LEON RODOLFO EDUARDO
HENRIQUEZ VARGAS DANIELA BELEN
MESA: 419
KILLEMEN TAPIA SILVANA SAMANTA
KHAMIS GIACOMAN ANDRES IGNACIO
KUNG CACERES DOMINGO ANDRES
LABKIN SUAREZ PAUL ANTONIO
LAGOS MARIN DANIELA
MESA: 420
LOPEZ TIRADO ANDREA MACARENA
LUCO MARTINEZ NICOLAS JAVIER
MACKINNON ROBERS ALEXANDER EDWARD OSCAR
MANQUEPILLAN LETAMENDIA MAXIMO FELIPE
MARDONES CONTRERAS SEBASTIAN ANTONIO
MESA: 421
MICCONO HERRERA NATALIA ANDREA
MIRA VENTURA JUAN VICENTE
MIRANDA OLGUIN CARINA ALEJANDRA
MIRANDA RECABARREN CECILIA ESTEPHANIA
MIRANDA URIBE ALISIMA ANDREA
MESA: 422
NAVARRETE OYARCE JAVIERA ANDREA
NAVARRETE OYARCE PATRICIO ALEJANDRO
NOCHES PINAS MARTIN FELIPE ALEJANDRO
NOVOA SUAREZ VICTORIA MAITE
NUÑEZ ULLOA VICTOR ANDRES
MESA: 423
PALMA ESPINOZA BEATRIZ GREGORIA
PALMA VALDEZ JAVIERA ANDREA
PARDO VELASQUEZ MARIA JOSE
PAREDES ROJAS ESPINOZA FLORENCIA
PARRA PACHECO NICOLAS ANDRES
MESA: 424
PERREIRA ROA ISMAEL JOSE
QUIROGA MERCADO NICOLE
RECABARREN SANCHEZ BENJAMIN MATIAS
RECHIER BARVAL IGNACIO
REYES GAETE JOSHUE ROBERTO IGNACIO
MESA: 425
RIVERA RIOS MARCELO ANDRES
RODRIGUEZ BLANCO DIEGO IGNACIO
RODRIGUEZ CANCINO NICOLAS ANDRES
RODRIGUEZ ROJAS DANIELA PATRICIA
ROMERO PARADA SEBASTIAN IGNACIO
MESA: 426
SAN MARTIN PROBOSTE CRISTIAN SIMON
SAN MARTIN RIVEROSA CAROL DAZIL
SCHNEIDEWIND POETA ABAROA HIPALITO
SCHOPF ORTEGA ADELAIDA MATILDE
SEGNER CIENFUEGOS MARTIN ALFONSO
MESA: 427
SMART TORREALBA MARIA JOSEFA
SOTO MUNIZAGA LUCAS
SOTO RIQUELME ALEJANDRA
TAPIA SANTIBAÑEZ MARIA PAZ
TAPIA ORTIZ GABRIEL ALBERTO
MESA: 428
URTUBIA VERGARA VERONICA ISABEL
VALENZUELA ARRIETA GERARDO MARIO
VARGAS MUÑOZ ANA MARIA
VARGAS VALENZUELA VERONICA DEL CARMEN
VERGARA ARCE MANUEL IGNACIO
MESA: 429
VICUÑA FUENZALIDA SANTIAGO JOSE
VIDELA VIDELA JAVIER FELIPE
VILLALOBOS RIOS CAROLINA DEL CARMEN
VILLANUEVA DIAZ FELIPE ANDRES
WEBB MARIPEZ ALVARO ANDRES
